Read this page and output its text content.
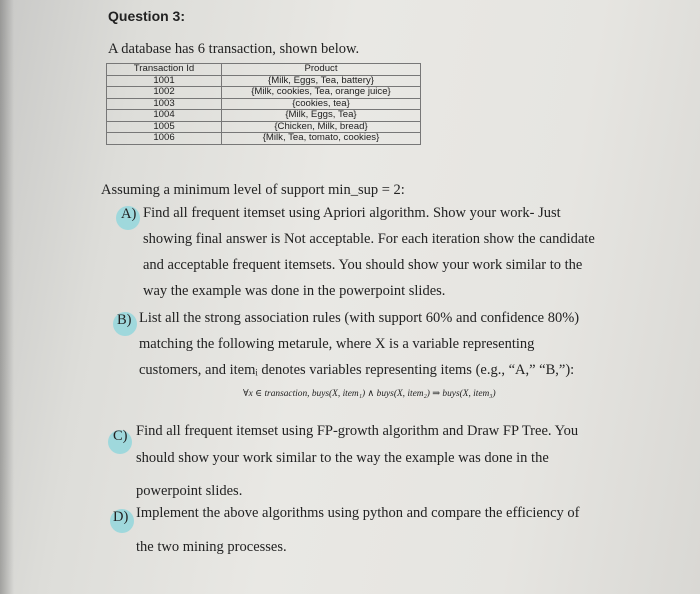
Question 3:
A database has 6 transaction, shown below.
Transaction Id	Product
1001	{Milk, Eggs, Tea, battery}
1002	{Milk, cookies, Tea, orange juice}
1003	{cookies, tea}
1004	{Milk, Eggs, Tea}
1005	{Chicken, Milk, bread}
1006	{Milk, Tea, tomato, cookies}
Assuming a minimum level of support min_sup = 2:
A) Find all frequent itemset using Apriori algorithm. Show your work- Just
showing final answer is Not acceptable. For each iteration show the candidate
and acceptable frequent itemsets. You should show your work similar to the
way the example was done in the powerpoint slides.
B) List all the strong association rules (with support 60% and confidence 80%)
matching the following metarule, where X is a variable representing
customers, and itemᵢ denotes variables representing items (e.g., “A,” “B,”):
∀x ∈ transaction, buys(X, item₁) ∧ buys(X, item₂) ⇒ buys(X, item₃)
C) Find all frequent itemset using FP-growth algorithm and Draw FP Tree. You
should show your work similar to the way the example was done in the
powerpoint slides.
D) Implement the above algorithms using python and compare the efficiency of
the two mining processes.
